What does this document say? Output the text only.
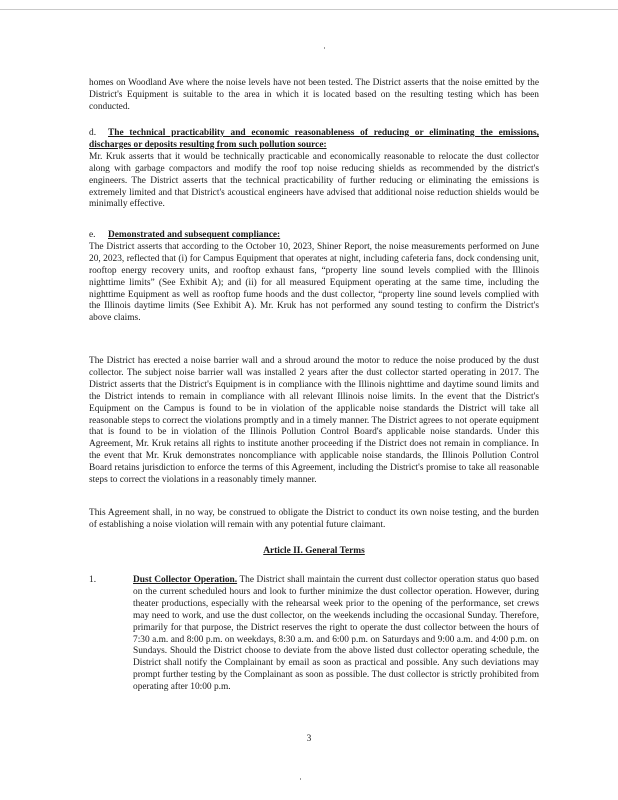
homes on Woodland Ave where the noise levels have not been tested. The District asserts that the noise emitted by the District's Equipment is suitable to the area in which it is located based on the resulting testing which has been conducted.

d. The technical practicability and economic reasonableness of reducing or eliminating the emissions, discharges or deposits resulting from such pollution source:
Mr. Kruk asserts that it would be technically practicable and economically reasonable to relocate the dust collector along with garbage compactors and modify the roof top noise reducing shields as recommended by the district's engineers. The District asserts that the technical practicability of further reducing or eliminating the emissions is extremely limited and that District's acoustical engineers have advised that additional noise reduction shields would be minimally effective.
e. Demonstrated and subsequent compliance:
The District asserts that according to the October 10, 2023, Shiner Report, the noise measurements performed on June 20, 2023, reflected that (i) for Campus Equipment that operates at night, including cafeteria fans, dock condensing unit, rooftop energy recovery units, and rooftop exhaust fans, “property line sound levels complied with the Illinois nighttime limits” (See Exhibit A); and (ii) for all measured Equipment operating at the same time, including the nighttime Equipment as well as rooftop fume hoods and the dust collector, “property line sound levels complied with the Illinois daytime limits (See Exhibit A). Mr. Kruk has not performed any sound testing to confirm the District's above claims.

The District has erected a noise barrier wall and a shroud around the motor to reduce the noise produced by the dust collector. The subject noise barrier wall was installed 2 years after the dust collector started operating in 2017. The District asserts that the District's Equipment is in compliance with the Illinois nighttime and daytime sound limits and the District intends to remain in compliance with all relevant Illinois noise limits. In the event that the District's Equipment on the Campus is found to be in violation of the applicable noise standards the District will take all reasonable steps to correct the violations promptly and in a timely manner. The District agrees to not operate equipment that is found to be in violation of the Illinois Pollution Control Board's applicable noise standards. Under this Agreement, Mr. Kruk retains all rights to institute another proceeding if the District does not remain in compliance. In the event that Mr. Kruk demonstrates noncompliance with applicable noise standards, the Illinois Pollution Control Board retains jurisdiction to enforce the terms of this Agreement, including the District's promise to take all reasonable steps to correct the violations in a reasonably timely manner.

This Agreement shall, in no way, be construed to obligate the District to conduct its own noise testing, and the burden of establishing a noise violation will remain with any potential future claimant.

Article II. General Terms
1.	Dust Collector Operation. The District shall maintain the current dust collector operation status quo based on the current scheduled hours and look to further minimize the dust collector operation. However, during theater productions, especially with the rehearsal week prior to the opening of the performance, set crews may need to work, and use the dust collector, on the weekends including the occasional Sunday. Therefore, primarily for that purpose, the District reserves the right to operate the dust collector between the hours of 7:30 a.m. and 8:00 p.m. on weekdays, 8:30 a.m. and 6:00 p.m. on Saturdays and 9:00 a.m. and 4:00 p.m. on Sundays. Should the District choose to deviate from the above listed dust collector operating schedule, the District shall notify the Complainant by email as soon as practical and possible. Any such deviations may prompt further testing by the Complainant as soon as possible. The dust collector is strictly prohibited from operating after 10:00 p.m.

3
